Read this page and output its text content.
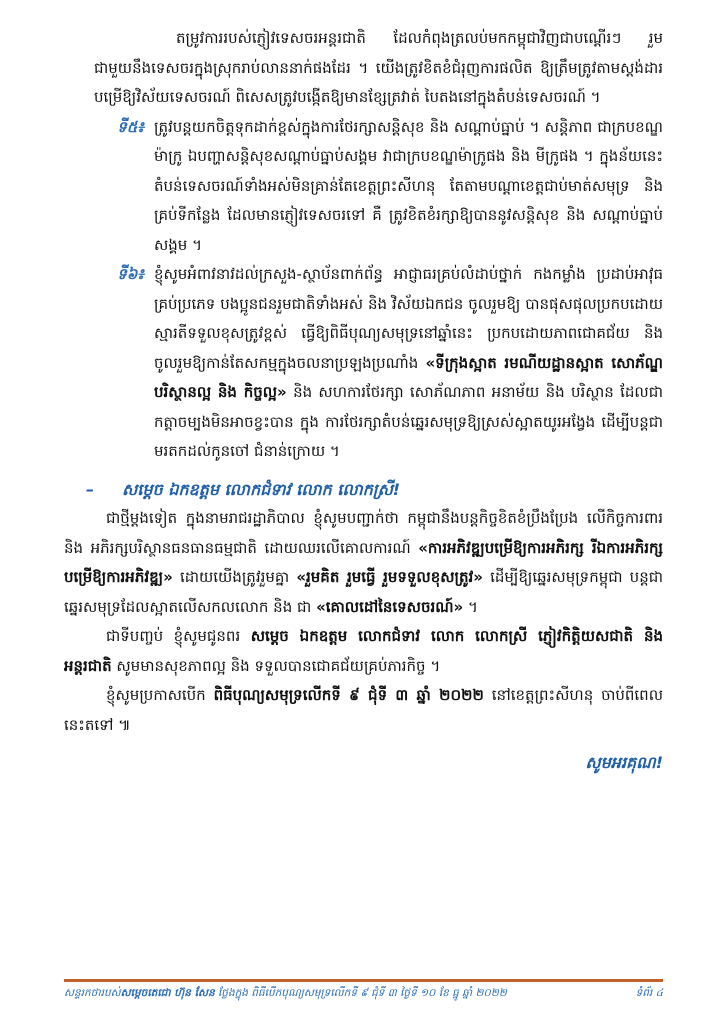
តម្រូវការរបស់ភ្ញៀវទេសចរអន្តរជាតិ ដែលកំពុងត្រលប់មកកម្ពុជាវិញជាបណ្ដើរៗ រួមជាមួយនឹងទេសចរក្នុងស្រុករាប់លាននាក់ផងដែរ ។ យើងត្រូវខិតខំជំរុញការផលិត ឱ្យត្រឹមត្រូវតាមស្តង់ដារបម្រើឱ្យវិស័យទេសចរណ៍ ពិសេសត្រូវបង្កើតឱ្យមានខ្សែត្រវាត់ បៃតងនៅក្នុងតំបន់ទេសចរណ៍ ។

ទី៥៖ ត្រូវបន្តយកចិត្តទុកដាក់ខ្ពស់ក្នុងការថែរក្សាសន្តិសុខ និង សណ្តាប់ធ្នាប់ ។ សន្តិភាព ជាក្របខណ្ឌម៉ាក្រូ ឯបញ្ហាសន្តិសុខសណ្តាប់ធ្នាប់សង្គម វាជាក្របខណ្ឌម៉ាក្រូផង និង មីក្រូផង ។ ក្នុងន័យនេះ តំបន់ទេសចរណ៍ទាំងអស់មិនគ្រាន់តែខេត្តព្រះសីហនុ តែតាមបណ្តាខេត្តជាប់មាត់សមុទ្រ និង គ្រប់ទីកន្លែង ដែលមានភ្ញៀវទេសចរទៅ គឺ ត្រូវខិតខំរក្សាឱ្យបាននូវសន្តិសុខ និង សណ្តាប់ធ្នាប់សង្គម ។
ទី៦៖ ខ្ញុំសូមអំពាវនាវដល់ក្រសួង-ស្ថាប័នពាក់ព័ន្ធ អាជ្ញាធរគ្រប់លំដាប់ថ្នាក់ កងកម្លាំង ប្រដាប់អាវុធគ្រប់ប្រភេទ បងប្អូនជនរួមជាតិទាំងអស់ និង វិស័យឯកជន ចូលរួមឱ្យ បានផុសផុលប្រកបដោយស្មារតីទទួលខុសត្រូវខ្ពស់ ធ្វើឱ្យពិធីបុណ្យសមុទ្រនៅឆ្នាំនេះ ប្រកបដោយភាពជោគជ័យ និង ចូលរួមឱ្យកាន់តែសកម្មក្នុងចលនាប្រឡងប្រណាំង «ទីក្រុងស្អាត រមណីយដ្ឋានស្អាត សោភ័ណ្ឌ បរិស្ថានល្អ និង កិច្ចល្អ» និង សហការថែរក្សា សោភ័ណភាព អនាម័យ និង បរិស្ថាន ដែលជាកត្តាចម្បងមិនអាចខ្វះបាន ក្នុង ការថែរក្សាតំបន់ឆ្នេរសមុទ្រឱ្យស្រស់ស្អាតយូរអង្វែង ដើម្បីបន្តជាមរតកដល់កូនចៅ ជំនាន់ក្រោយ ។
– សម្តេច ឯកឧត្តម លោកជំទាវ លោក លោកស្រី!

ជាថ្មីម្តងទៀត ក្នុងនាមរាជរដ្ឋាភិបាល ខ្ញុំសូមបញ្ជាក់ថា កម្ពុជានឹងបន្តកិច្ចខិតខំប្រឹងប្រែង លើកិច្ចការពារ និង អភិរក្សបរិស្ថានធនធានធម្មជាតិ ដោយឈរលើគោលការណ៍ «ការអភិវឌ្ឍបម្រើឱ្យការអភិរក្ស រីឯការអភិរក្សបម្រើឱ្យការអភិវឌ្ឍ» ដោយយើងត្រូវរួមគ្នា «រួមគិត រួមធ្វើ រួមទទួលខុសត្រូវ» ដើម្បីឱ្យឆ្នេរសមុទ្រកម្ពុជា បន្តជាឆ្នេរសមុទ្រដែលស្អាតលើសកលលោក និង ជា «គោលដៅនៃទេសចរណ៍» ។

ជាទីបញ្ចប់ ខ្ញុំសូមជូនពរ សម្តេច ឯកឧត្តម លោកជំទាវ លោក លោកស្រី ភ្ញៀវកិត្តិយសជាតិ និង អន្តរជាតិ សូមមានសុខភាពល្អ និង ទទួលបានជោគជ័យគ្រប់ភារកិច្ច ។

ខ្ញុំសូមប្រកាសបើក ពិធីបុណ្យសមុទ្រលើកទី ៩ ជុំទី ៣ ឆ្នាំ ២០២២ នៅខេត្តព្រះសីហនុ ចាប់ពីពេលនេះតទៅ ៕

សូមអរគុណ!
សន្ទរកថារបស់សម្តេចតេជោ ហ៊ុន សែន ថ្លែងក្នុង ពិធីបើកបុណ្យសមុទ្រលើកទី ៩ ជុំទី ៣ ថ្ងៃទី ១០ ខែ ធ្នូ ឆ្នាំ ២០២២	ទំព័រ ៤
